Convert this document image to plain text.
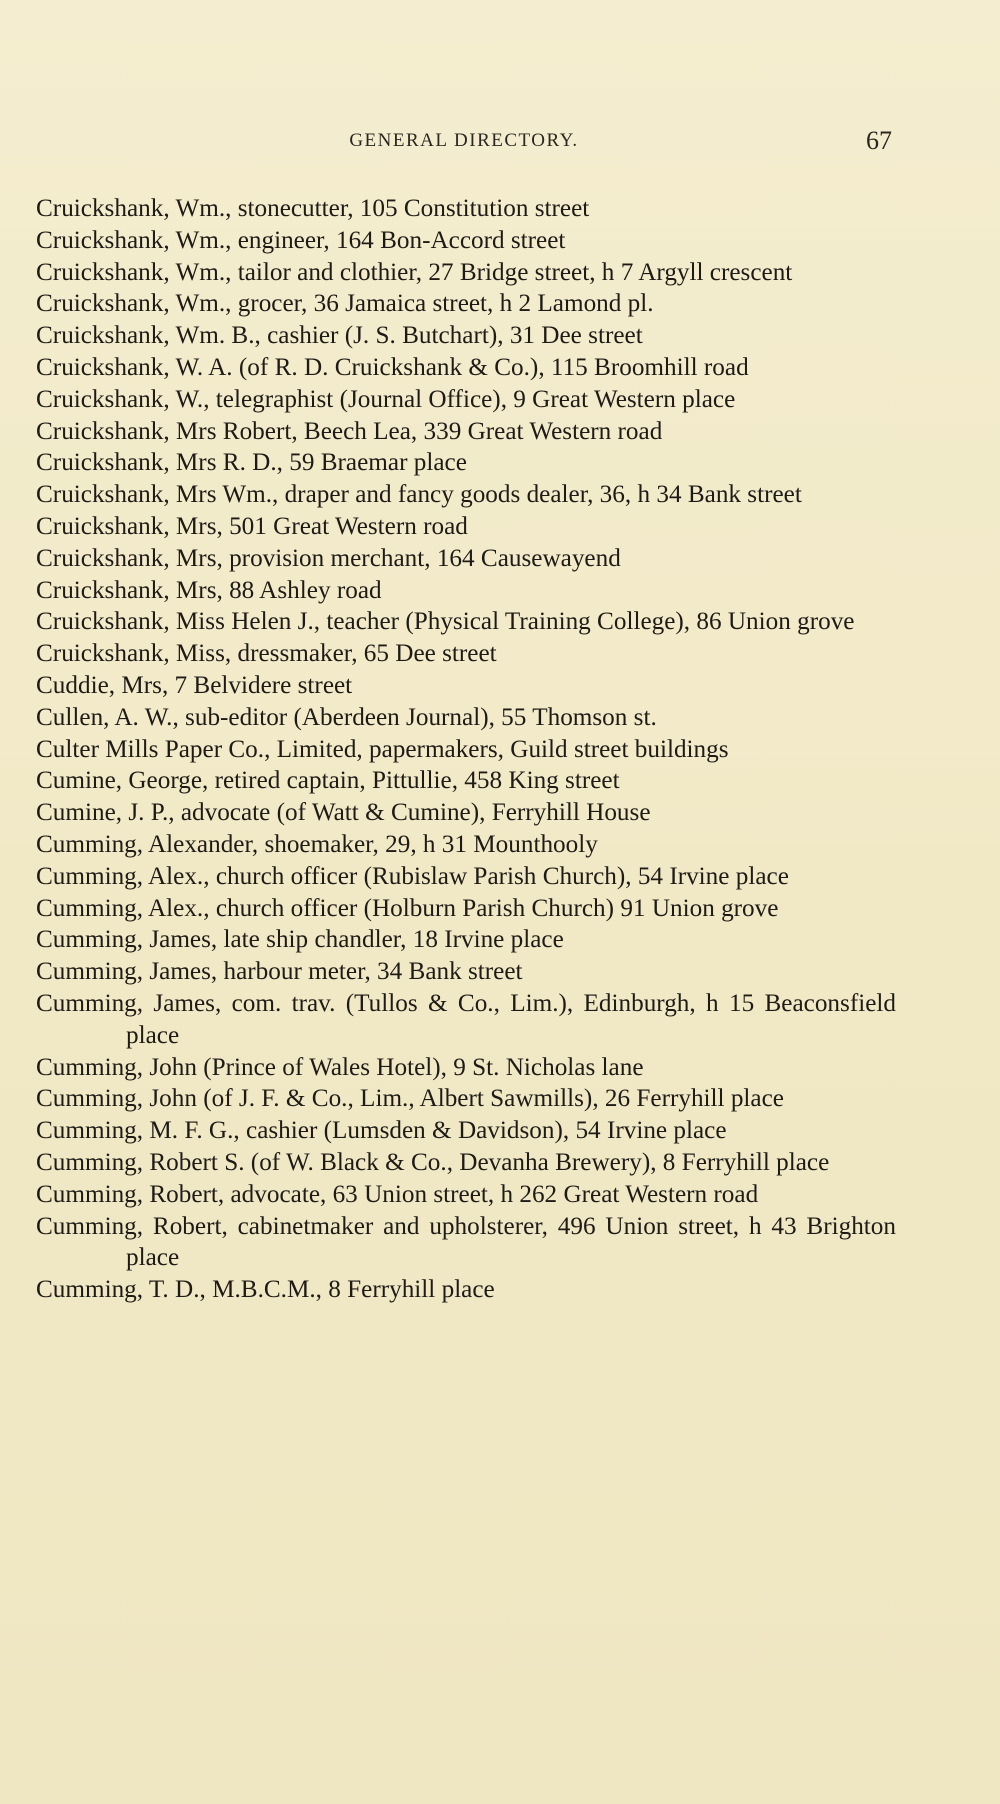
GENERAL DIRECTORY.	67
Cruickshank, Wm., stonecutter, 105 Constitution street
Cruickshank, Wm., engineer, 164 Bon-Accord street
Cruickshank, Wm., tailor and clothier, 27 Bridge street, h 7 Argyll crescent
Cruickshank, Wm., grocer, 36 Jamaica street, h 2 Lamond pl.
Cruickshank, Wm. B., cashier (J. S. Butchart), 31 Dee street
Cruickshank, W. A. (of R. D. Cruickshank & Co.), 115 Broomhill road
Cruickshank, W., telegraphist (Journal Office), 9 Great Western place
Cruickshank, Mrs Robert, Beech Lea, 339 Great Western road
Cruickshank, Mrs R. D., 59 Braemar place
Cruickshank, Mrs Wm., draper and fancy goods dealer, 36, h 34 Bank street
Cruickshank, Mrs, 501 Great Western road
Cruickshank, Mrs, provision merchant, 164 Causewayend
Cruickshank, Mrs, 88 Ashley road
Cruickshank, Miss Helen J., teacher (Physical Training College), 86 Union grove
Cruickshank, Miss, dressmaker, 65 Dee street
Cuddie, Mrs, 7 Belvidere street
Cullen, A. W., sub-editor (Aberdeen Journal), 55 Thomson st.
Culter Mills Paper Co., Limited, papermakers, Guild street buildings
Cumine, George, retired captain, Pittullie, 458 King street
Cumine, J. P., advocate (of Watt & Cumine), Ferryhill House
Cumming, Alexander, shoemaker, 29, h 31 Mounthooly
Cumming, Alex., church officer (Rubislaw Parish Church), 54 Irvine place
Cumming, Alex., church officer (Holburn Parish Church) 91 Union grove
Cumming, James, late ship chandler, 18 Irvine place
Cumming, James, harbour meter, 34 Bank street
Cumming, James, com. trav. (Tullos & Co., Lim.), Edinburgh, h 15 Beaconsfield place
Cumming, John (Prince of Wales Hotel), 9 St. Nicholas lane
Cumming, John (of J. F. & Co., Lim., Albert Sawmills), 26 Ferryhill place
Cumming, M. F. G., cashier (Lumsden & Davidson), 54 Irvine place
Cumming, Robert S. (of W. Black & Co., Devanha Brewery), 8 Ferryhill place
Cumming, Robert, advocate, 63 Union street, h 262 Great Western road
Cumming, Robert, cabinetmaker and upholsterer, 496 Union street, h 43 Brighton place
Cumming, T. D., M.B.C.M., 8 Ferryhill place
